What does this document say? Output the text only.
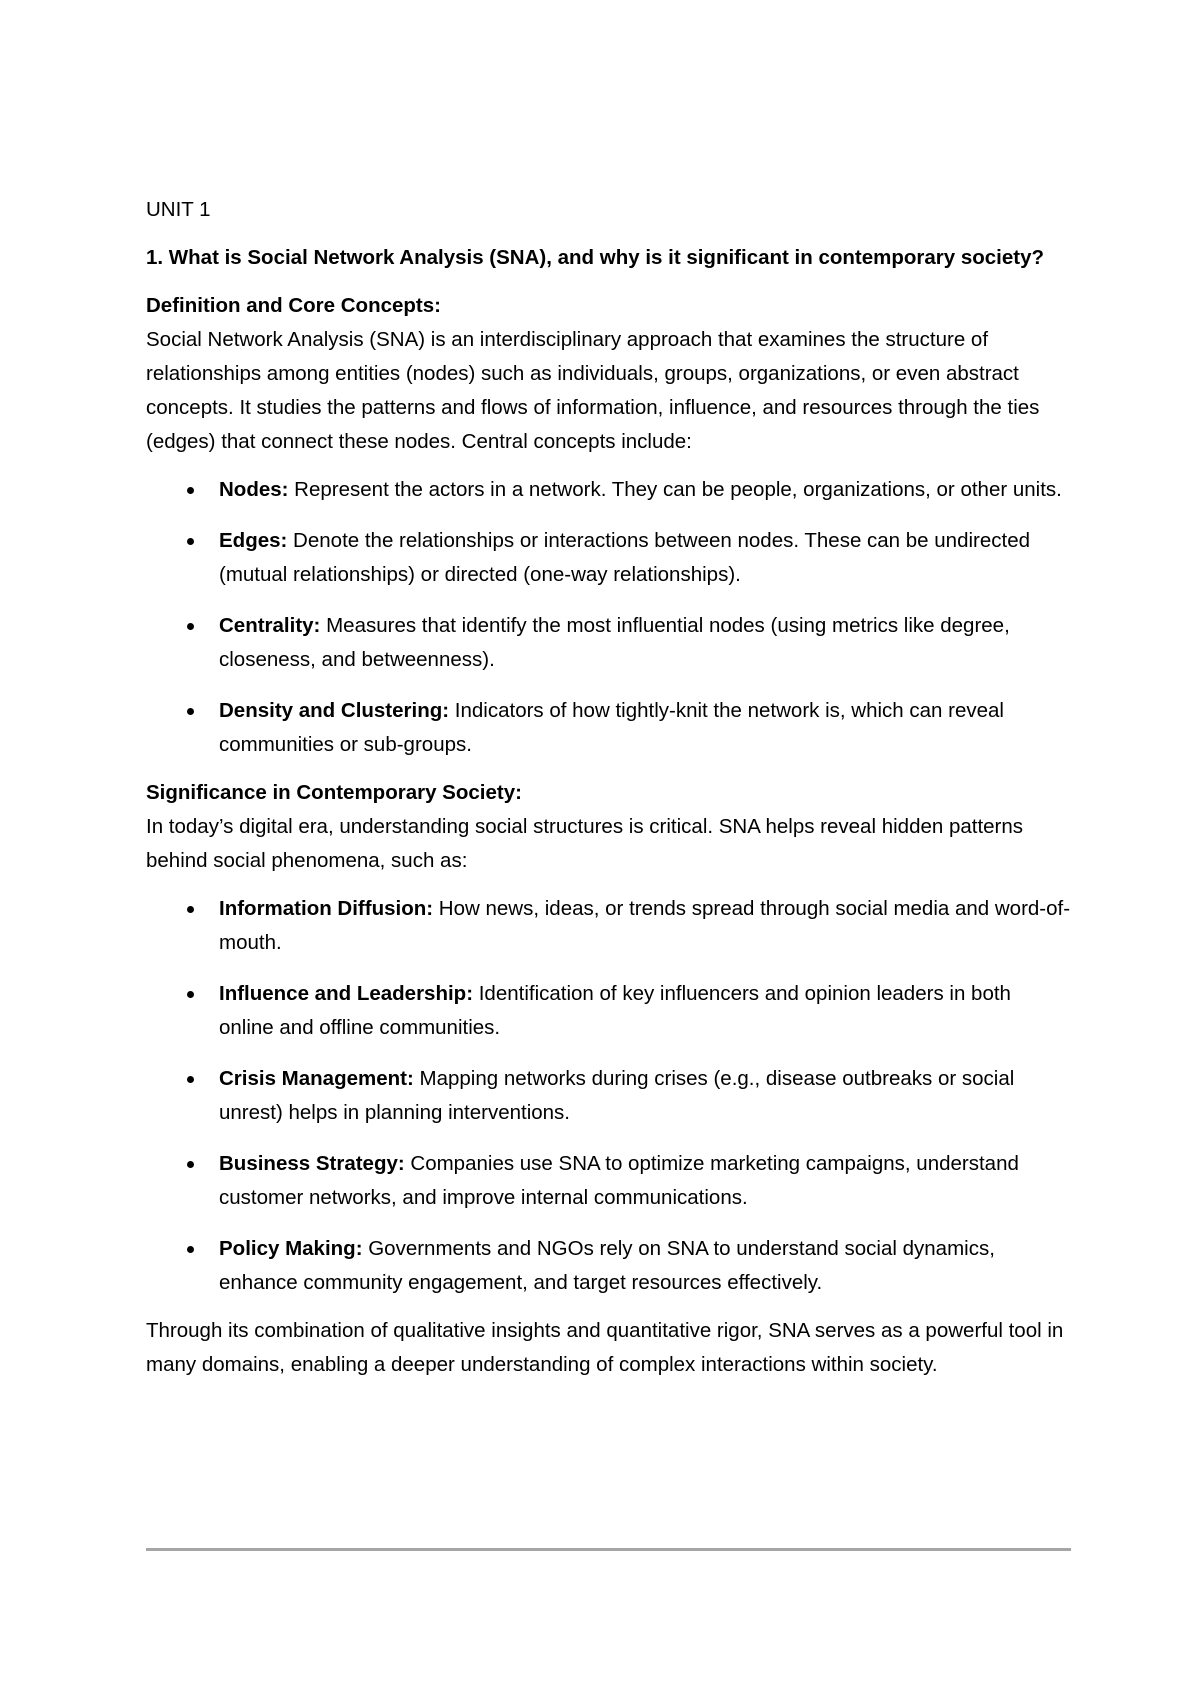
UNIT 1

1. What is Social Network Analysis (SNA), and why is it significant in contemporary society?

Definition and Core Concepts:

Social Network Analysis (SNA) is an interdisciplinary approach that examines the structure of relationships among entities (nodes) such as individuals, groups, organizations, or even abstract concepts. It studies the patterns and flows of information, influence, and resources through the ties (edges) that connect these nodes. Central concepts include:

Nodes: Represent the actors in a network. They can be people, organizations, or other units.
Edges: Denote the relationships or interactions between nodes. These can be undirected (mutual relationships) or directed (one-way relationships).
Centrality: Measures that identify the most influential nodes (using metrics like degree, closeness, and betweenness).
Density and Clustering: Indicators of how tightly-knit the network is, which can reveal communities or sub-groups.

Significance in Contemporary Society:

In today’s digital era, understanding social structures is critical. SNA helps reveal hidden patterns behind social phenomena, such as:

Information Diffusion: How news, ideas, or trends spread through social media and word-of-mouth.
Influence and Leadership: Identification of key influencers and opinion leaders in both online and offline communities.
Crisis Management: Mapping networks during crises (e.g., disease outbreaks or social unrest) helps in planning interventions.
Business Strategy: Companies use SNA to optimize marketing campaigns, understand customer networks, and improve internal communications.
Policy Making: Governments and NGOs rely on SNA to understand social dynamics, enhance community engagement, and target resources effectively.

Through its combination of qualitative insights and quantitative rigor, SNA serves as a powerful tool in many domains, enabling a deeper understanding of complex interactions within society.
